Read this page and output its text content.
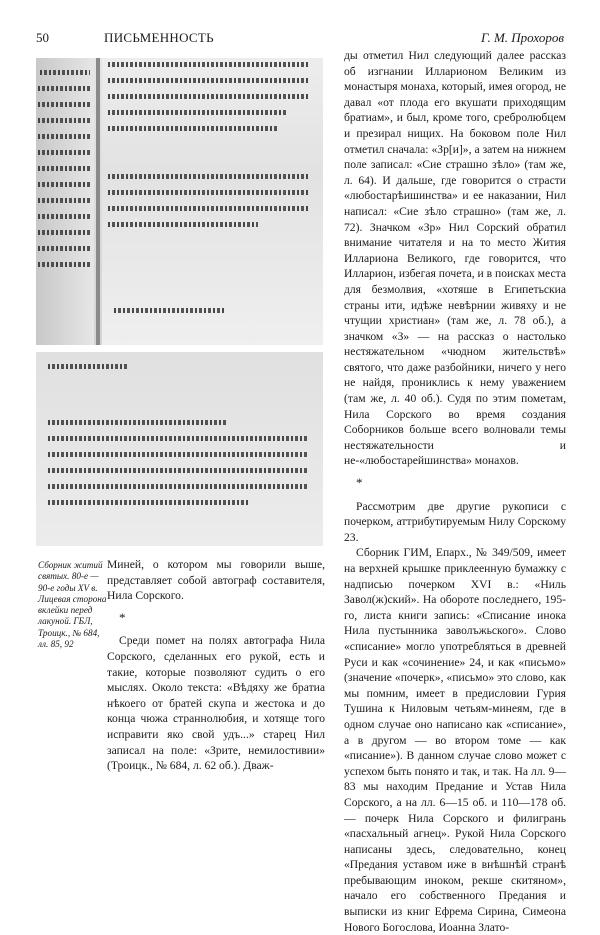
50	ПИСЬМЕННОСТЬ	Г. М. Прохоров
Сборник житий святых. 80-е — 90-е годы XV в. Лицевая сторона вклейки перед лакуной. ГБЛ, Троицк., № 684, лл. 85, 92

Миней, о котором мы говорили выше, представляет собой автограф составителя, Нила Сорского.

*

Среди помет на полях автографа Нила Сорского, сделанных его рукой, есть и такие, которые позволяют судить о его мыслях. Около текста: «Вѣдяху же братиа нѣкоего от братей скупа и жестока и до конца чюжа страннолюбия, и хотяще того исправити яко свой удъ...» старец Нил записал на поле: «Зрите, немилостивии» (Троицк., № 684, л. 62 об.). Дваж-

ды отметил Нил следующий далее рассказ об изгнании Илларионом Великим из монастыря монаха, который, имея огород, не давал «от плода его вкушати приходящим братиам», и был, кроме того, сребролюбцем и презирал нищих. На боковом поле Нил отметил сначала: «Зр[и]», а затем на нижнем поле записал: «Сие страшно зѣло» (там же, л. 64). И дальше, где говорится о страсти «любостарѣишинства» и ее наказании, Нил написал: «Сие зѣло страшно» (там же, л. 72). Значком «Зр» Нил Сорский обратил внимание читателя и на то место Жития Иллариона Великого, где говорится, что Илларион, избегая почета, и в поисках места для безмолвия, «хотяше в Египетьскиа страны ити, идѣже невѣрнии живяху и не чтущии христиан» (там же, л. 78 об.), а значком «З» — на рассказ о настолько нестяжательном «чюдном жительствѣ» святого, что даже разбойники, ничего у него не найдя, прониклись к нему уважением (там же, л. 40 об.). Судя по этим пометам, Нила Сорского во время создания Соборников больше всего волновали темы нестяжательности и не-«любостарейшинства» монахов.

*

Рассмотрим две другие рукописи с почерком, аттрибутируемым Нилу Сорскому 23.

Сборник ГИМ, Епарх., № 349/509, имеет на верхней крышке приклеенную бумажку с надписью почерком XVI в.: «Ниль Завол(ж)ский». На обороте последнего, 195-го, листа книги запись: «Списание инока Нила пустынника заволъжьского». Слово «списание» могло употребляться в древней Руси и как «сочинение» 24, и как «письмо» (значение «почерк», «письмо» это слово, как мы помним, имеет в предисловии Гурия Тушина к Ниловым четьям-минеям, где в одном случае оно написано как «списание», а в другом — во втором томе — как «писание»). В данном случае слово может с успехом быть понято и так, и так. На лл. 9—83 мы находим Предание и Устав Нила Сорского, а на лл. 6—15 об. и 110—178 об.— почерк Нила Сорского и филигрань «пасхальный агнец». Рукой Нила Сорского написаны здесь, следовательно, конец «Предания уставом иже в внѣшнѣй странѣ пребывающим иноком, рекше скитяном», начало его собственного Предания и выписки из книг Ефрема Сирина, Симеона Нового Богослова, Иоанна Злато-
